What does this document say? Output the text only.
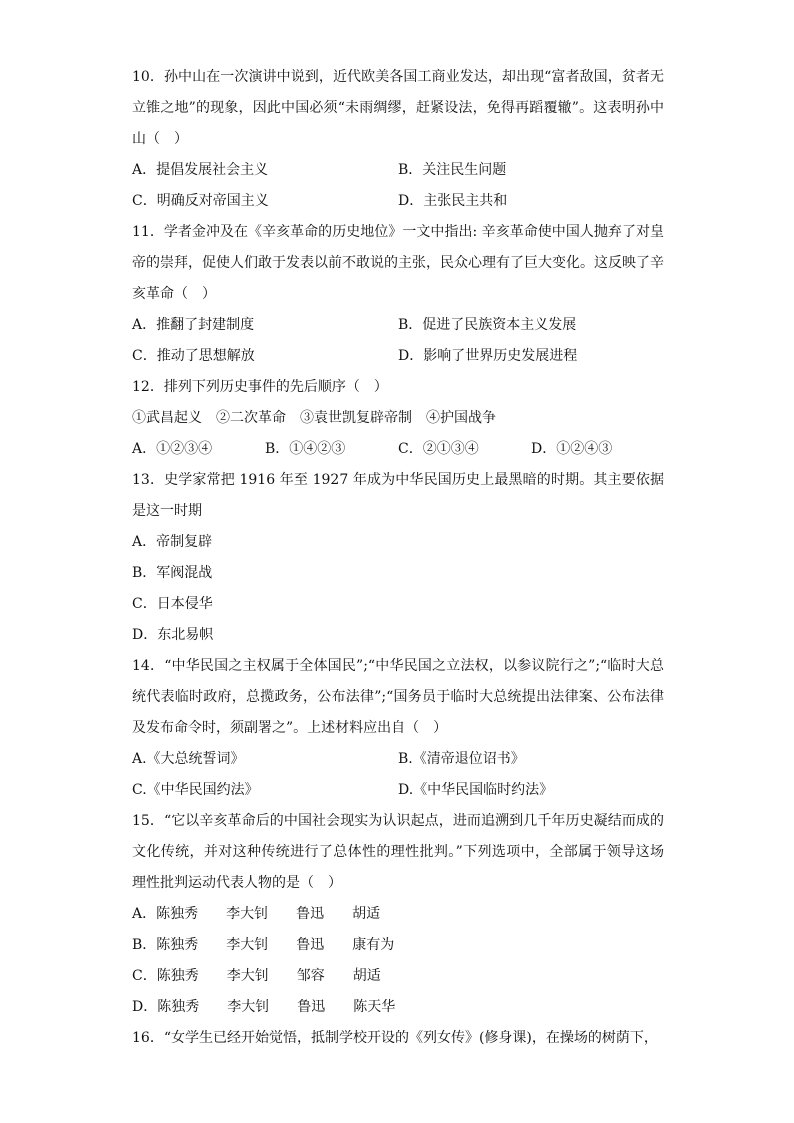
10．孙中山在一次演讲中说到，近代欧美各国工商业发达，却出现“富者敌国，贫者无立锥之地”的现象，因此中国必须“未雨绸缪，赶紧设法，免得再蹈覆辙”。这表明孙中山（　）

A．提倡发展社会主义	B．关注民生问题
C．明确反对帝国主义	D．主张民主共和

11．学者金冲及在《辛亥革命的历史地位》一文中指出: 辛亥革命使中国人抛弃了对皇帝的崇拜，促使人们敢于发表以前不敢说的主张，民众心理有了巨大变化。这反映了辛亥革命（　）

A．推翻了封建制度	B．促进了民族资本主义发展
C．推动了思想解放	D．影响了世界历史发展进程

12．排列下列历史事件的先后顺序（　）

①武昌起义　②二次革命　③袁世凯复辟帝制　④护国战争
A．①②③④	B．①④②③	C．②①③④	D．①②④③

13．史学家常把 1916 年至 1927 年成为中华民国历史上最黑暗的时期。其主要依据是这一时期

A．帝制复辟
B．军阀混战
C．日本侵华
D．东北易帜

14．“中华民国之主权属于全体国民”;“中华民国之立法权，以参议院行之”;“临时大总统代表临时政府，总揽政务，公布法律”;“国务员于临时大总统提出法律案、公布法律及发布命令时，须副署之”。上述材料应出自（　）

A.《大总统誓词》	B.《清帝退位诏书》
C.《中华民国约法》	D.《中华民国临时约法》

15．“它以辛亥革命后的中国社会现实为认识起点，进而追溯到几千年历史凝结而成的文化传统，并对这种传统进行了总体性的理性批判。”下列选项中，全部属于领导这场理性批判运动代表人物的是（　）

A．陈独秀　　李大钊　　鲁迅　　胡适
B．陈独秀　　李大钊　　鲁迅　　康有为
C．陈独秀　　李大钊　　邹容　　胡适
D．陈独秀　　李大钊　　鲁迅　　陈天华

16．“女学生已经开始觉悟，抵制学校开设的《列女传》(修身课)，在操场的树荫下，
